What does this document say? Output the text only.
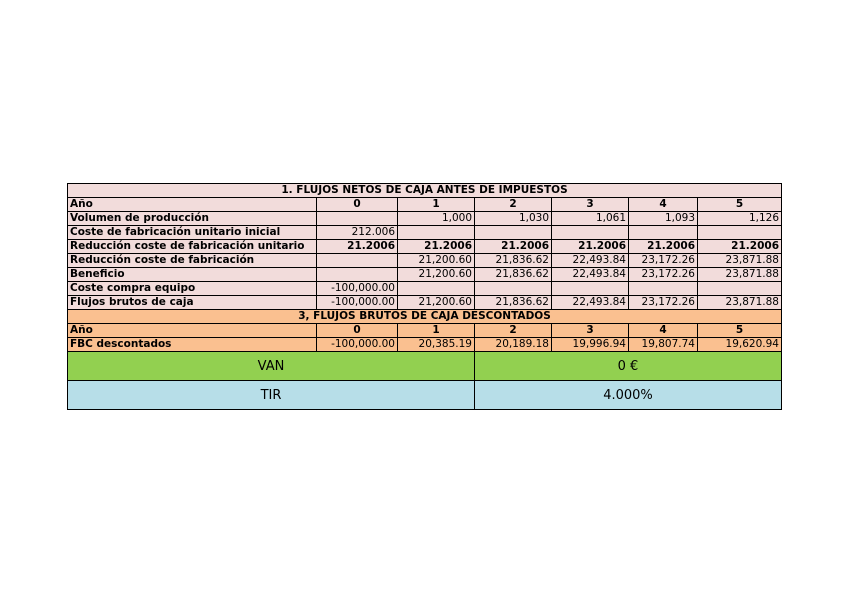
1. FLUJOS NETOS DE CAJA ANTES DE IMPUESTOS						
Año	0	1	2	3	4	5
Volumen de producción		1,000	1,030	1,061	1,093	1,126
Coste de fabricación unitario inicial	212.006					
Reducción coste de fabricación unitario	21.2006	21.2006	21.2006	21.2006	21.2006	21.2006
Reducción coste de fabricación		21,200.60	21,836.62	22,493.84	23,172.26	23,871.88
Beneficio		21,200.60	21,836.62	22,493.84	23,172.26	23,871.88
Coste compra equipo	-100,000.00					
Flujos brutos de caja	-100,000.00	21,200.60	21,836.62	22,493.84	23,172.26	23,871.88
3, FLUJOS BRUTOS DE CAJA DESCONTADOS						
Año	0	1	2	3	4	5
FBC descontados	-100,000.00	20,385.19	20,189.18	19,996.94	19,807.74	19,620.94
VAN			0 €			
TIR			4.000%			
